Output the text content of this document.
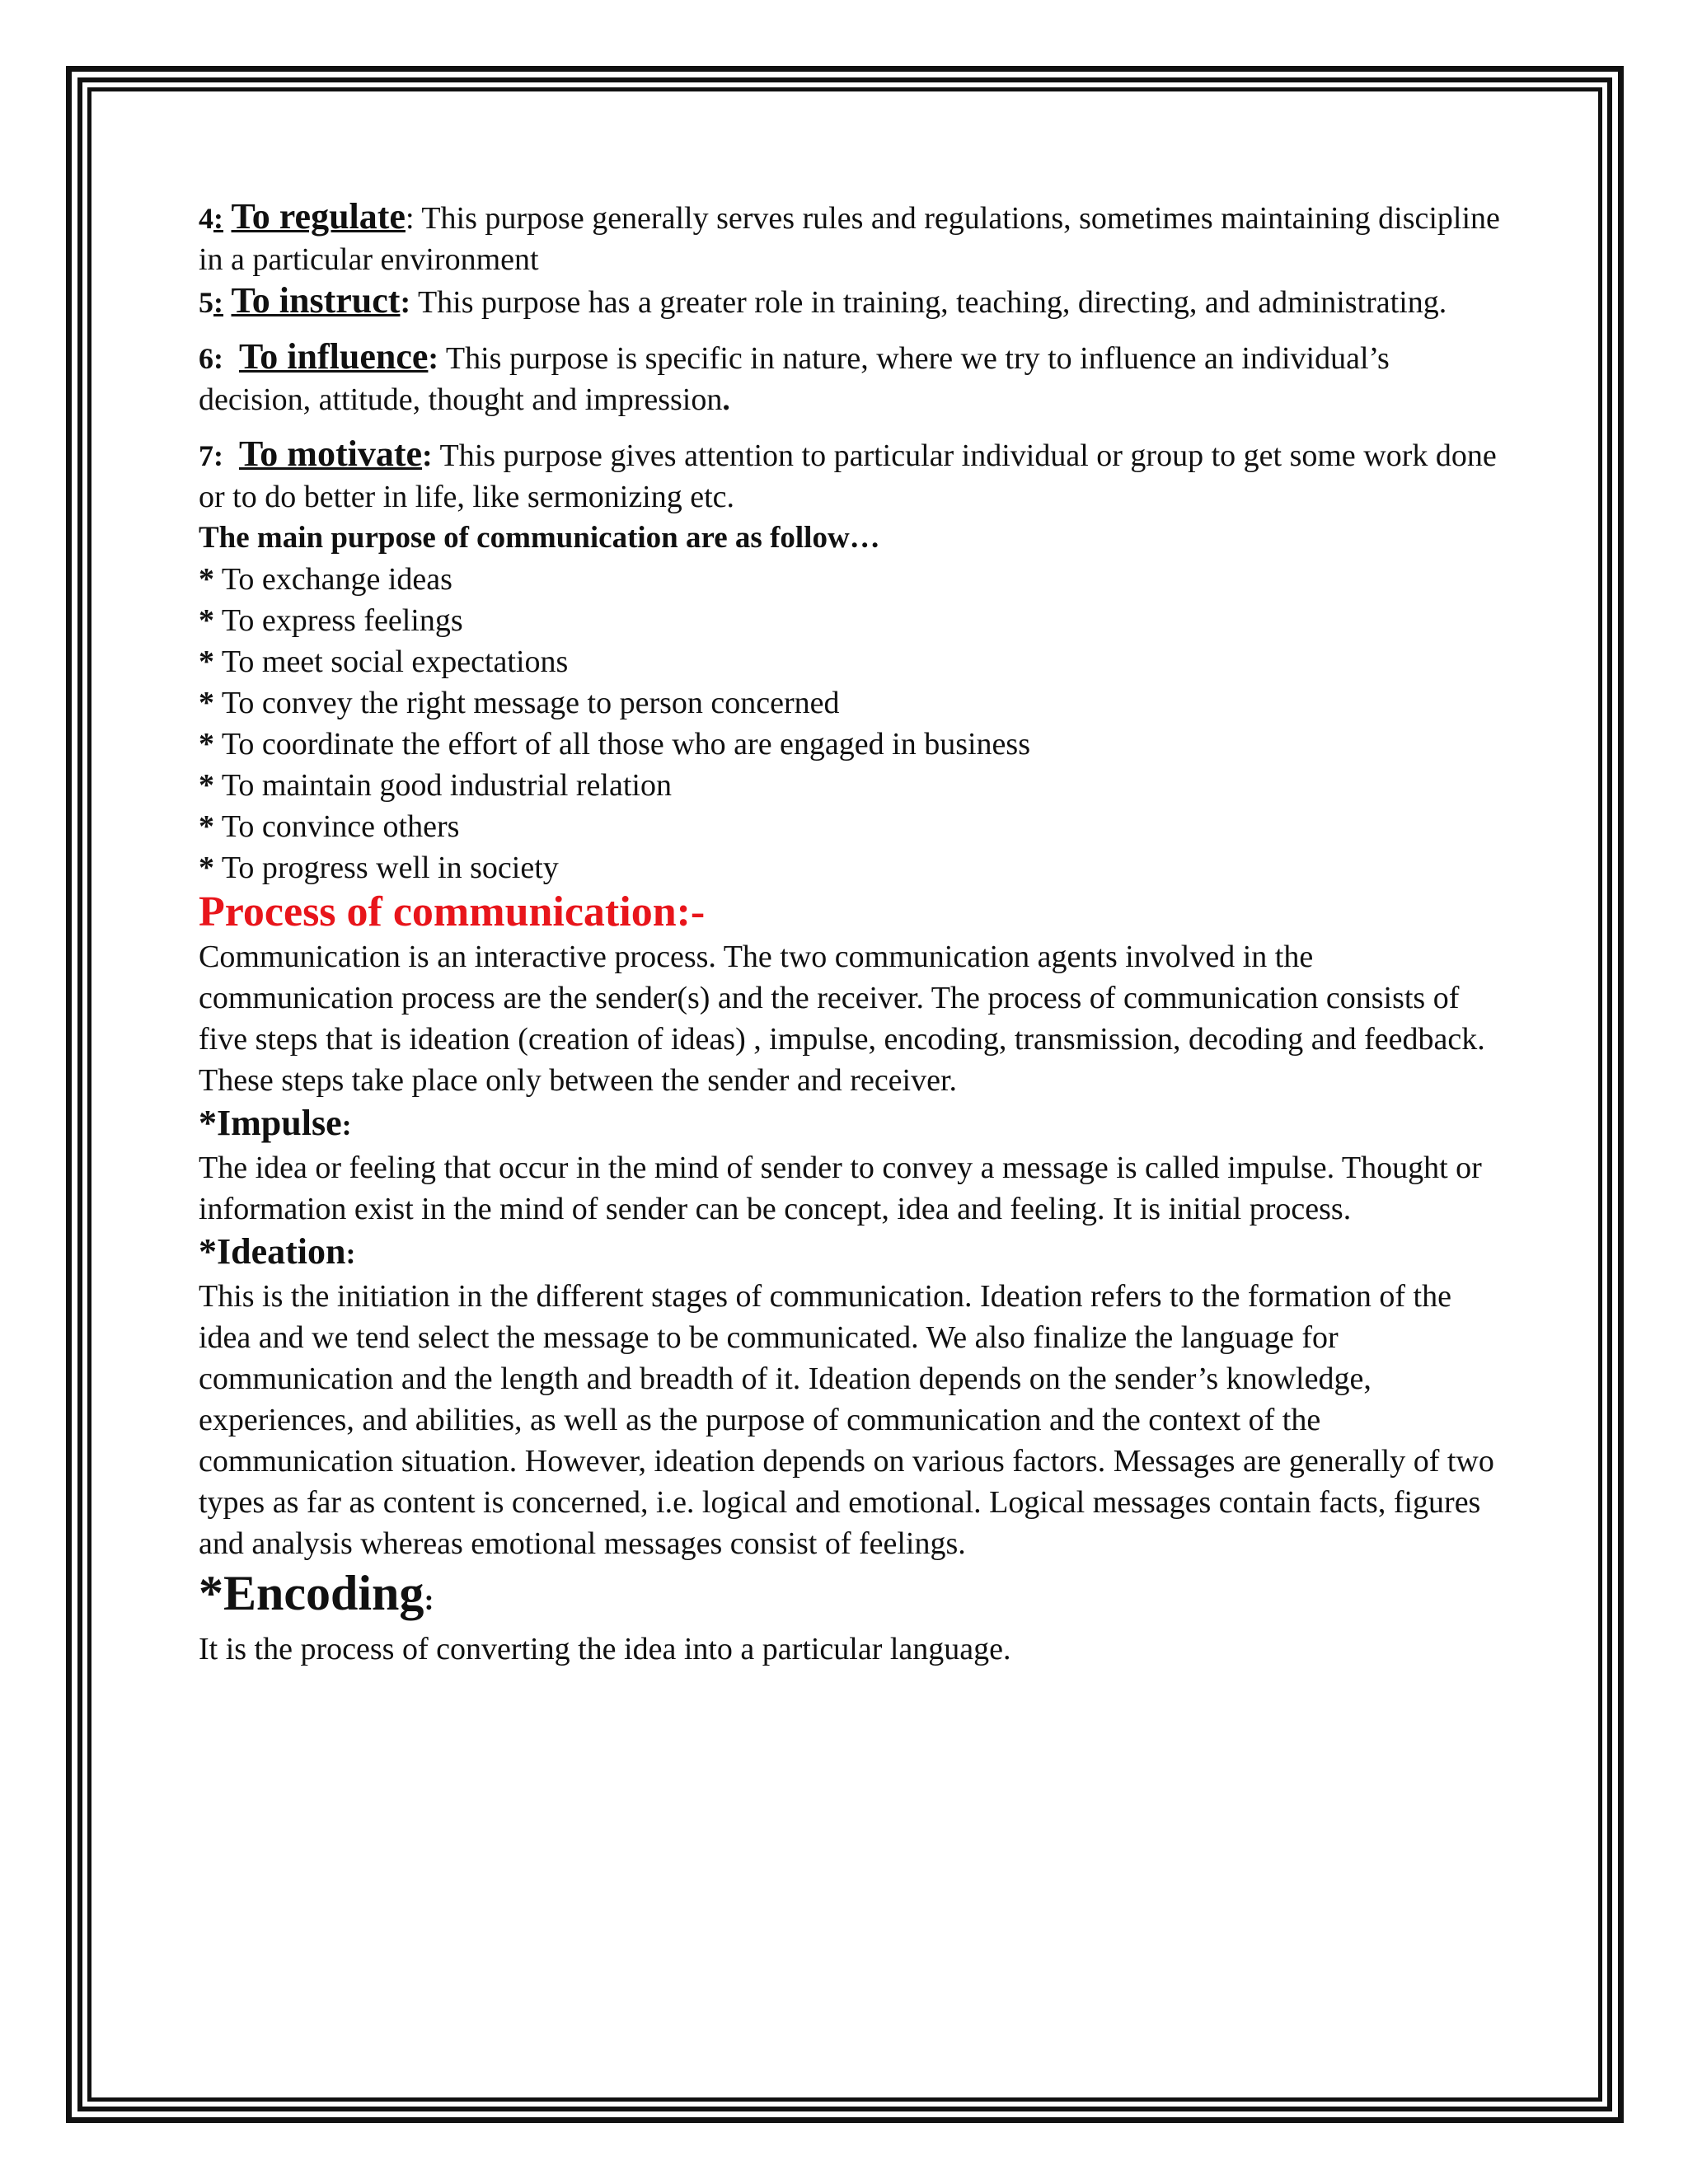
4: To regulate: This purpose generally serves rules and regulations, sometimes maintaining discipline in a particular environment

5: To instruct: This purpose has a greater role in training, teaching, directing, and administrating.

6: To influence: This purpose is specific in nature, where we try to influence an individual’s decision, attitude, thought and impression.

7: To motivate: This purpose gives attention to particular individual or group to get some work done or to do better in life, like sermonizing etc.

The main purpose of communication are as follow…

* To exchange ideas

* To express feelings

* To meet social expectations

* To convey the right message to person concerned

* To coordinate the effort of all those who are engaged in business

* To maintain good industrial relation

* To convince others

* To progress well in society

Process of communication:-

Communication is an interactive process. The two communication agents involved in the communication process are the sender(s) and the receiver. The process of communication consists of five steps that is ideation (creation of ideas) , impulse, encoding, transmission, decoding and feedback. These steps take place only between the sender and receiver.

*Impulse:

The idea or feeling that occur in the mind of sender to convey a message is called impulse. Thought or information exist in the mind of sender can be concept, idea and feeling. It is initial process.

*Ideation:

This is the initiation in the different stages of communication. Ideation refers to the formation of the idea and we tend select the message to be communicated. We also finalize the language for communication and the length and breadth of it. Ideation depends on the sender’s knowledge, experiences, and abilities, as well as the purpose of communication and the context of the communication situation. However, ideation depends on various factors. Messages are generally of two types as far as content is concerned, i.e. logical and emotional. Logical messages contain facts, figures and analysis whereas emotional messages consist of feelings.

*Encoding:

It is the process of converting the idea into a particular language.
